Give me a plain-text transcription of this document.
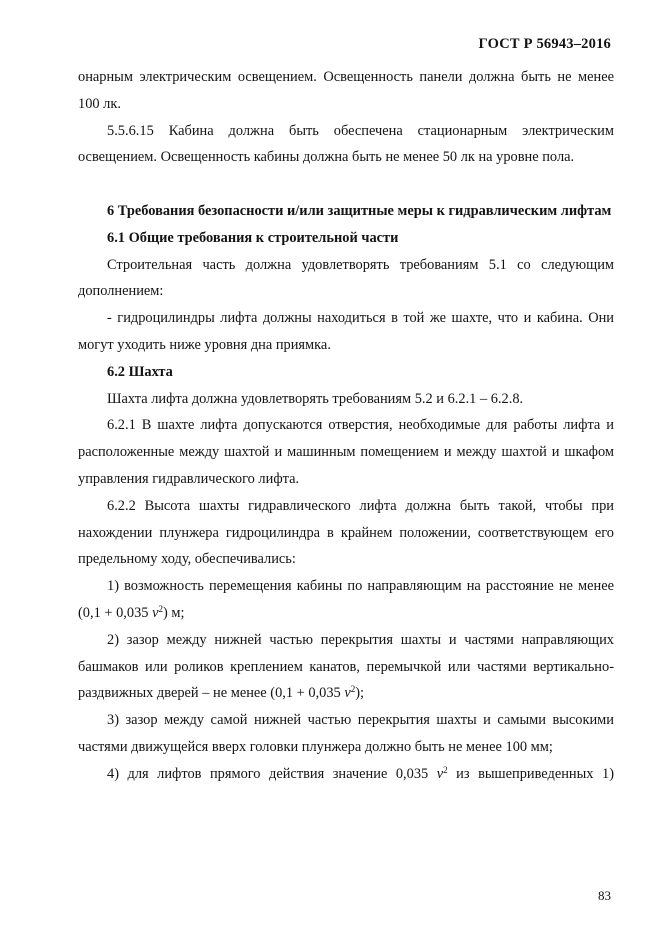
ГОСТ Р 56943–2016

онарным электрическим освещением. Освещенность панели должна быть не менее 100 лк.

5.5.6.15 Кабина должна быть обеспечена стационарным электрическим освещением. Освещенность кабины должна быть не менее 50 лк на уровне пола.

6 Требования безопасности и/или защитные меры к гидравлическим лифтам

6.1 Общие требования к строительной части

Строительная часть должна удовлетворять требованиям 5.1 со следующим дополнением:

- гидроцилиндры лифта должны находиться в той же шахте, что и кабина. Они могут уходить ниже уровня дна приямка.

6.2 Шахта

Шахта лифта должна удовлетворять требованиям 5.2 и 6.2.1 – 6.2.8.

6.2.1 В шахте лифта допускаются отверстия, необходимые для работы лифта и расположенные между шахтой и машинным помещением и между шахтой и шкафом управления гидравлического лифта.

6.2.2 Высота шахты гидравлического лифта должна быть такой, чтобы при нахождении плунжера гидроцилиндра в крайнем положении, соответствующем его предельному ходу, обеспечивались:

1) возможность перемещения кабины по направляющим на расстояние не менее (0,1 + 0,035 $v^2$) м;

2) зазор между нижней частью перекрытия шахты и частями направляющих башмаков или роликов креплением канатов, перемычкой или частями вертикально-раздвижных дверей – не менее (0,1 + 0,035 $v^2$);

3) зазор между самой нижней частью перекрытия шахты и самыми высокими частями движущейся вверх головки плунжера должно быть не менее 100 мм;

4) для лифтов прямого действия значение 0,035 $v^2$ из вышеприведенных 1)

83
